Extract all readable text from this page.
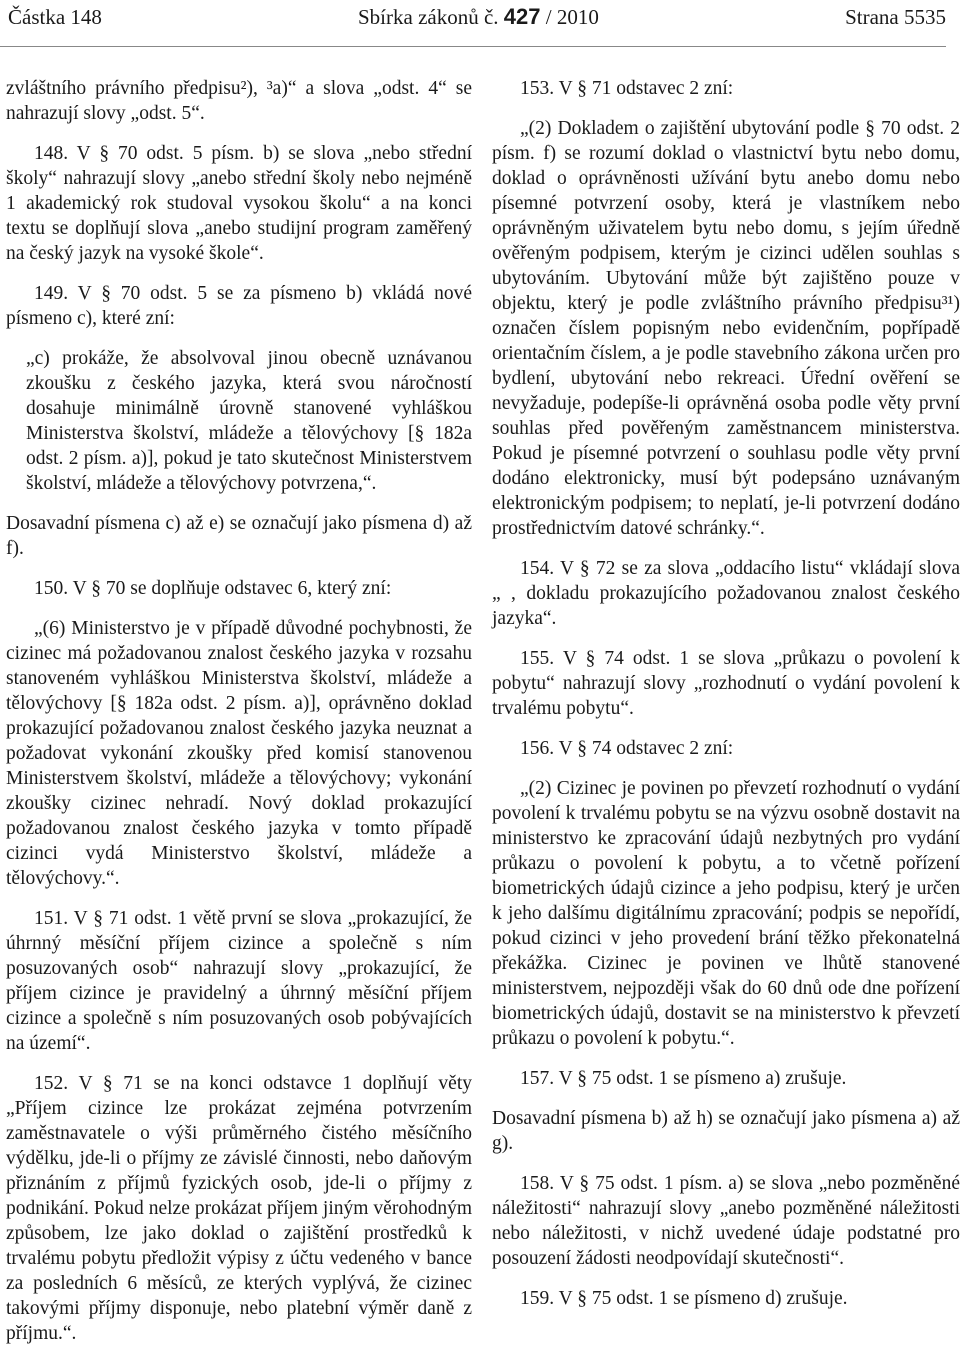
Částka 148	Sbírka zákonů č. 427 / 2010	Strana 5535

zvláštního právního předpisu²), ³a)“ a slova „odst. 4“ se nahrazují slovy „odst. 5“.

148. V § 70 odst. 5 písm. b) se slova „nebo střední školy“ nahrazují slovy „anebo střední školy nebo nejméně 1 akademický rok studoval vysokou školu“ a na konci textu se doplňují slova „anebo studijní program zaměřený na český jazyk na vysoké škole“.

149. V § 70 odst. 5 se za písmeno b) vkládá nové písmeno c), které zní:

„c) prokáže, že absolvoval jinou obecně uznávanou zkoušku z českého jazyka, která svou náročností dosahuje minimálně úrovně stanovené vyhláškou Ministerstva školství, mládeže a tělovýchovy [§ 182a odst. 2 písm. a)], pokud je tato skutečnost Ministerstvem školství, mládeže a tělovýchovy potvrzena,“.

Dosavadní písmena c) až e) se označují jako písmena d) až f).

150. V § 70 se doplňuje odstavec 6, který zní:

„(6) Ministerstvo je v případě důvodné pochybnosti, že cizinec má požadovanou znalost českého jazyka v rozsahu stanoveném vyhláškou Ministerstva školství, mládeže a tělovýchovy [§ 182a odst. 2 písm. a)], oprávněno doklad prokazující požadovanou znalost českého jazyka neuznat a požadovat vykonání zkoušky před komisí stanovenou Ministerstvem školství, mládeže a tělovýchovy; vykonání zkoušky cizinec nehradí. Nový doklad prokazující požadovanou znalost českého jazyka v tomto případě cizinci vydá Ministerstvo školství, mládeže a tělovýchovy.“.

151. V § 71 odst. 1 větě první se slova „prokazující, že úhrnný měsíční příjem cizince a společně s ním posuzovaných osob“ nahrazují slovy „prokazující, že příjem cizince je pravidelný a úhrnný měsíční příjem cizince a společně s ním posuzovaných osob pobývajících na území“.

152. V § 71 se na konci odstavce 1 doplňují věty „Příjem cizince lze prokázat zejména potvrzením zaměstnavatele o výši průměrného čistého měsíčního výdělku, jde-li o příjmy ze závislé činnosti, nebo daňovým přiznáním z příjmů fyzických osob, jde-li o příjmy z podnikání. Pokud nelze prokázat příjem jiným věrohodným způsobem, lze jako doklad o zajištění prostředků k trvalému pobytu předložit výpisy z účtu vedeného v bance za posledních 6 měsíců, ze kterých vyplývá, že cizinec takovými příjmy disponuje, nebo platební výměr daně z příjmu.“.

153. V § 71 odstavec 2 zní:

„(2) Dokladem o zajištění ubytování podle § 70 odst. 2 písm. f) se rozumí doklad o vlastnictví bytu nebo domu, doklad o oprávněnosti užívání bytu anebo domu nebo písemné potvrzení osoby, která je vlastníkem nebo oprávněným uživatelem bytu nebo domu, s jejím úředně ověřeným podpisem, kterým je cizinci udělen souhlas s ubytováním. Ubytování může být zajištěno pouze v objektu, který je podle zvláštního právního předpisu³¹) označen číslem popisným nebo evidenčním, popřípadě orientačním číslem, a je podle stavebního zákona určen pro bydlení, ubytování nebo rekreaci. Úřední ověření se nevyžaduje, podepíše-li oprávněná osoba podle věty první souhlas před pověřeným zaměstnancem ministerstva. Pokud je písemné potvrzení o souhlasu podle věty první dodáno elektronicky, musí být podepsáno uznávaným elektronickým podpisem; to neplatí, je-li potvrzení dodáno prostřednictvím datové schránky.“.

154. V § 72 se za slova „oddacího listu“ vkládají slova „ , dokladu prokazujícího požadovanou znalost českého jazyka“.

155. V § 74 odst. 1 se slova „průkazu o povolení k pobytu“ nahrazují slovy „rozhodnutí o vydání povolení k trvalému pobytu“.

156. V § 74 odstavec 2 zní:

„(2) Cizinec je povinen po převzetí rozhodnutí o vydání povolení k trvalému pobytu se na výzvu osobně dostavit na ministerstvo ke zpracování údajů nezbytných pro vydání průkazu o povolení k pobytu, a to včetně pořízení biometrických údajů cizince a jeho podpisu, který je určen k jeho dalšímu digitálnímu zpracování; podpis se nepořídí, pokud cizinci v jeho provedení brání těžko překonatelná překážka. Cizinec je povinen ve lhůtě stanovené ministerstvem, nejpozději však do 60 dnů ode dne pořízení biometrických údajů, dostavit se na ministerstvo k převzetí průkazu o povolení k pobytu.“.

157. V § 75 odst. 1 se písmeno a) zrušuje.

Dosavadní písmena b) až h) se označují jako písmena a) až g).

158. V § 75 odst. 1 písm. a) se slova „nebo pozměněné náležitosti“ nahrazují slovy „anebo pozměněné náležitosti nebo náležitosti, v nichž uvedené údaje podstatné pro posouzení žádosti neodpovídají skutečnosti“.

159. V § 75 odst. 1 se písmeno d) zrušuje.
